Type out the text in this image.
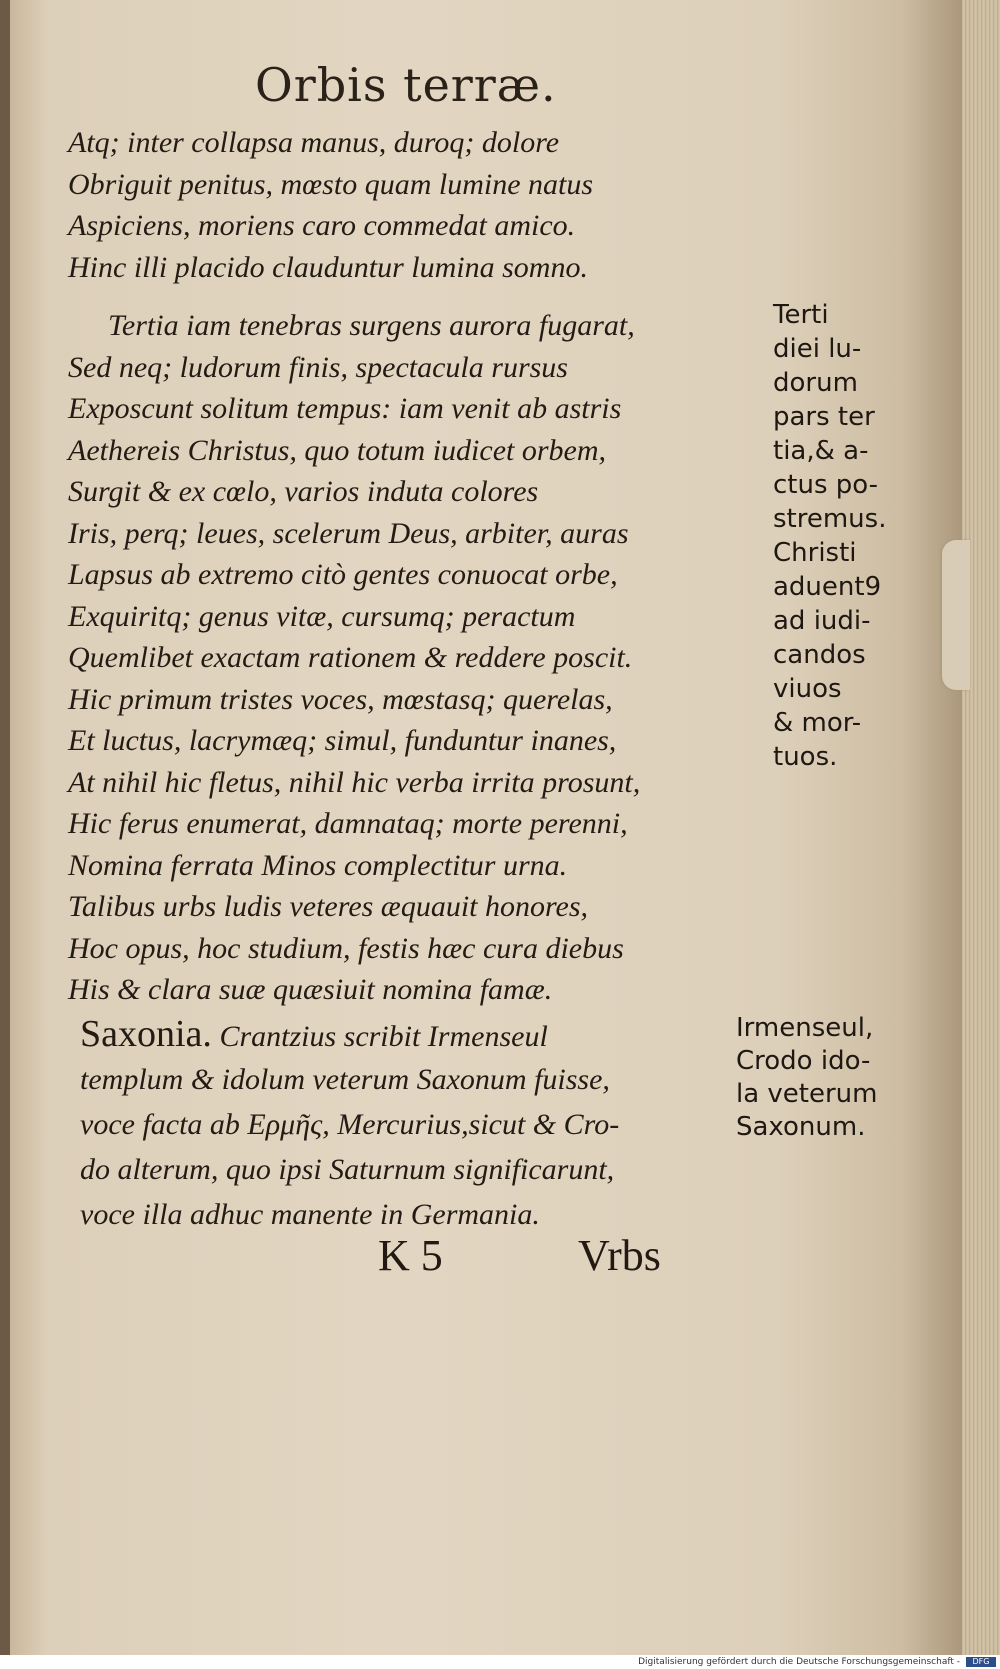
Orbis terræ.
Atq; inter collapsa manus, duroq; dolore
Obriguit penitus, mœsto quam lumine natus
Aspiciens, moriens caro commedat amico.
Hinc illi placido clauduntur lumina somno.
Tertia iam tenebras surgens aurora fugarat,
Sed neq; ludorum finis, spectacula rursus
Exposcunt solitum tempus: iam venit ab astris
Aethereis Christus, quo totum iudicet orbem,
Surgit & ex cœlo, varios induta colores
Iris, perq; leues, scelerum Deus, arbiter, auras
Lapsus ab extremo citò gentes conuocat orbe,
Exquiritq; genus vitæ, cursumq; peractum
Quemlibet exactam rationem & reddere poscit.
Hic primum tristes voces, mœstasq; querelas,
Et luctus, lacrymæq; simul, funduntur inanes,
At nihil hic fletus, nihil hic verba irrita prosunt,
Hic ferus enumerat, damnataq; morte perenni,
Nomina ferrata Minos complectitur urna.
Talibus urbs ludis veteres æquauit honores,
Hoc opus, hoc studium, festis hæc cura diebus
His & clara suæ quæsiuit nomina famæ.
Terti
diei lu-
dorum
pars ter
tia,& a-
ctus po-
stremus.
Christi
aduent9
ad iudi-
candos
viuos
& mor-
tuos.
Saxonia. Crantzius scribit Irmenseul
templum & idolum veterum Saxonum fuisse,
voce facta ab Ερμῆς, Mercurius,sicut & Cro-
do alterum, quo ipsi Saturnum significarunt,
voce illa adhuc manente in Germania.
Irmenseul,
Crodo ido-
la veterum
Saxonum.
K 5	Vrbs
Digitalisierung gefördert durch die Deutsche Forschungsgemeinschaft -	DFG
